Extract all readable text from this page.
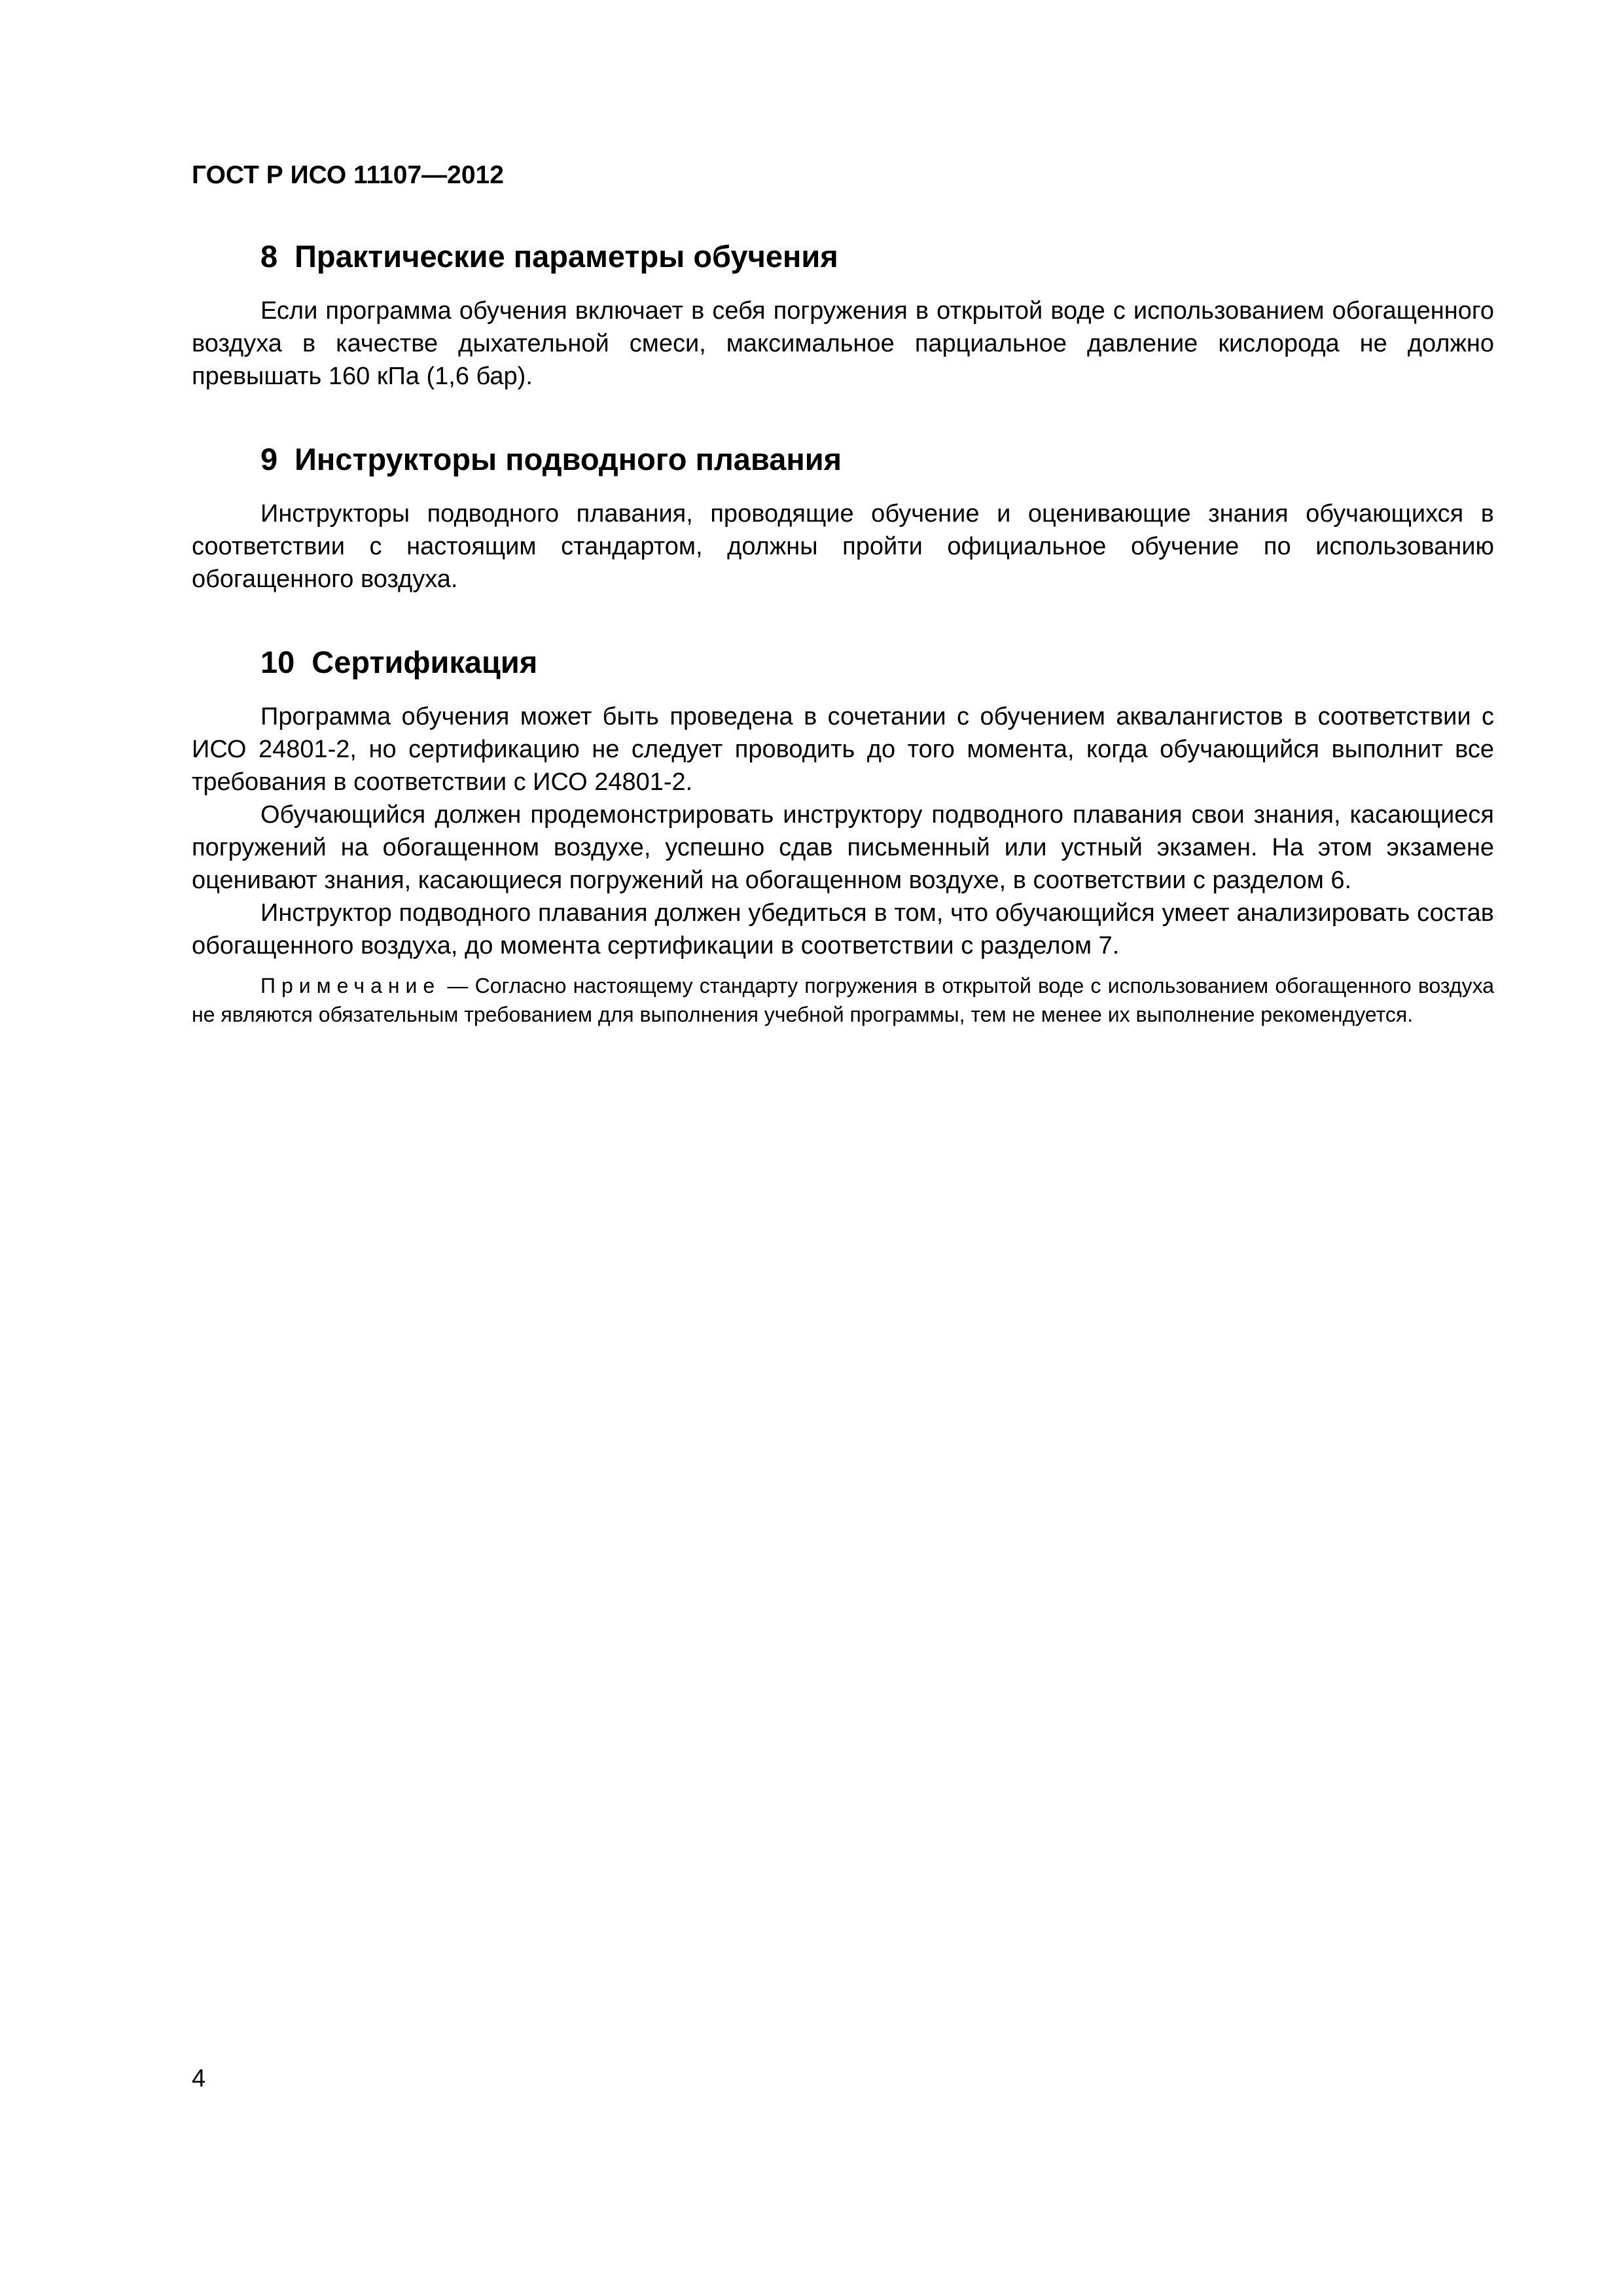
ГОСТ Р ИСО 11107—2012

8 Практические параметры обучения

Если программа обучения включает в себя погружения в открытой воде с использованием обогащенного воздуха в качестве дыхательной смеси, максимальное парциальное давление кислорода не должно превышать 160 кПа (1,6 бар).

9 Инструкторы подводного плавания

Инструкторы подводного плавания, проводящие обучение и оценивающие знания обучающихся в соответствии с настоящим стандартом, должны пройти официальное обучение по использованию обогащенного воздуха.

10 Сертификация

Программа обучения может быть проведена в сочетании с обучением аквалангистов в соответствии с ИСО 24801-2, но сертификацию не следует проводить до того момента, когда обучающийся выполнит все требования в соответствии с ИСО 24801-2.

Обучающийся должен продемонстрировать инструктору подводного плавания свои знания, касающиеся погружений на обогащенном воздухе, успешно сдав письменный или устный экзамен. На этом экзамене оценивают знания, касающиеся погружений на обогащенном воздухе, в соответствии с разделом 6.

Инструктор подводного плавания должен убедиться в том, что обучающийся умеет анализировать состав обогащенного воздуха, до момента сертификации в соответствии с разделом 7.

Примечание — Согласно настоящему стандарту погружения в открытой воде с использованием обогащенного воздуха не являются обязательным требованием для выполнения учебной программы, тем не менее их выполнение рекомендуется.

4
